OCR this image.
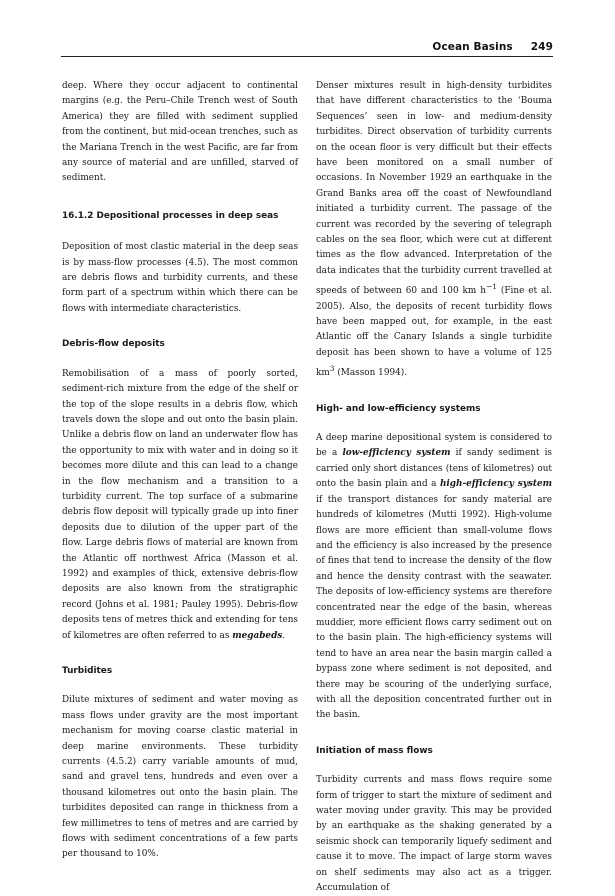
Ocean Basins 249

deep. Where they occur adjacent to continental margins (e.g. the Peru–Chile Trench west of South America) they are filled with sediment supplied from the continent, but mid-ocean trenches, such as the Mariana Trench in the west Pacific, are far from any source of material and are unfilled, starved of sediment.

16.1.2 Depositional processes in deep seas

Deposition of most clastic material in the deep seas is by mass-flow processes (4.5). The most common are debris flows and turbidity currents, and these form part of a spectrum within which there can be flows with intermediate characteristics.

Debris-flow deposits

Remobilisation of a mass of poorly sorted, sediment-rich mixture from the edge of the shelf or the top of the slope results in a debris flow, which travels down the slope and out onto the basin plain. Unlike a debris flow on land an underwater flow has the opportunity to mix with water and in doing so it becomes more dilute and this can lead to a change in the flow mechanism and a transition to a turbidity current. The top surface of a submarine debris flow deposit will typically grade up into finer deposits due to dilution of the upper part of the flow. Large debris flows of material are known from the Atlantic off northwest Africa (Masson et al. 1992) and examples of thick, extensive debris-flow deposits are also known from the stratigraphic record (Johns et al. 1981; Pauley 1995). Debris-flow deposits tens of metres thick and extending for tens of kilometres are often referred to as megabeds.

Turbidites

Dilute mixtures of sediment and water moving as mass flows under gravity are the most important mechanism for moving coarse clastic material in deep marine environments. These turbidity currents (4.5.2) carry variable amounts of mud, sand and gravel tens, hundreds and even over a thousand kilometres out onto the basin plain. The turbidites deposited can range in thickness from a few millimetres to tens of metres and are carried by flows with sediment concentrations of a few parts per thousand to 10%.

Denser mixtures result in high-density turbidites that have different characteristics to the ‘Bouma Sequences’ seen in low- and medium-density turbidites. Direct observation of turbidity currents on the ocean floor is very difficult but their effects have been monitored on a small number of occasions. In November 1929 an earthquake in the Grand Banks area off the coast of Newfoundland initiated a turbidity current. The passage of the current was recorded by the severing of telegraph cables on the sea floor, which were cut at different times as the flow advanced. Interpretation of the data indicates that the turbidity current travelled at speeds of between 60 and 100 km $h^{-1}$ (Fine et al. 2005). Also, the deposits of recent turbidity flows have been mapped out, for example, in the east Atlantic off the Canary Islands a single turbidite deposit has been shown to have a volume of 125 $km^3$ (Masson 1994).

High- and low-efficiency systems

A deep marine depositional system is considered to be a low-efficiency system if sandy sediment is carried only short distances (tens of kilometres) out onto the basin plain and a high-efficiency system if the transport distances for sandy material are hundreds of kilometres (Mutti 1992). High-volume flows are more efficient than small-volume flows and the efficiency is also increased by the presence of fines that tend to increase the density of the flow and hence the density contrast with the seawater. The deposits of low-efficiency systems are therefore concentrated near the edge of the basin, whereas muddier, more efficient flows carry sediment out on to the basin plain. The high-efficiency systems will tend to have an area near the basin margin called a bypass zone where sediment is not deposited, and there may be scouring of the underlying surface, with all the deposition concentrated further out in the basin.

Initiation of mass flows

Turbidity currents and mass flows require some form of trigger to start the mixture of sediment and water moving under gravity. This may be provided by an earthquake as the shaking generated by a seismic shock can temporarily liquefy sediment and cause it to move. The impact of large storm waves on shelf sediments may also act as a trigger. Accumulation of
